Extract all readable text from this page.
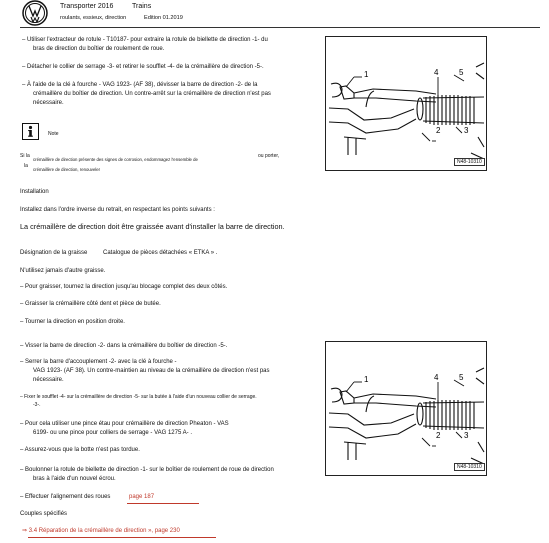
Transporter 2016	Trains
roulants, essieux, direction	Edition 01.2019
– Utiliser l'extracteur de rotule - T10187- pour extraire la rotule de biellette de direction -1- du
bras de direction du boîtier de roulement de roue.
– Détacher le collier de serrage -3- et retirer le soufflet -4- de la crémaillère de direction -5-.
– À l'aide de la clé à fourche - VAG 1923- (AF 38), dévisser la barre de direction -2- de la
crémaillère du boîtier de direction. Un contre-arrêt sur la crémaillère de direction n'est pas
nécessaire.
Note
Si la
crémaillère de direction présente des signes de corrosion, endommagez l'ensemble de
ou porter,
la
crémaillère de direction, renouveler
Installation
Installez dans l'ordre inverse du retrait, en respectant les points suivants :
La crémaillère de direction doit être graissée avant d'installer la barre de direction.
Désignation de la graisse	Catalogue de pièces détachées « ETKA » .
N'utilisez jamais d'autre graisse.
– Pour graisser, tournez la direction jusqu'au blocage complet des deux côtés.
– Graisser la crémaillère côté dent et pièce de butée.
– Tourner la direction en position droite.
– Visser la barre de direction -2- dans la crémaillère du boîtier de direction -5-.
– Serrer la barre d'accouplement -2- avec la clé à fourche -
VAG 1923- (AF 38). Un contre-maintien au niveau de la crémaillère de direction n'est pas
nécessaire.
– Fixer le soufflet -4- sur la crémaillère de direction -5- sur la butée à l'aide d'un nouveau collier de serrage.
-3-.
– Pour cela utiliser une pince étau pour crémaillère de direction Pheaton - VAS
6199- ou une pince pour colliers de serrage - VAG 1275 A- .
– Assurez-vous que la botte n'est pas tordue.
– Boulonner la rotule de biellette de direction -1- sur le boîtier de roulement de roue de direction
bras à l'aide d'un nouvel écrou.
– Effectuer l'alignement des roues	page 187
Couples spécifiés
⇒ 3.4 Réparation de la crémaillère de direction », page 230
1
2	3
4	5
N48-10310
1
2	3
4	5
N48-10310
